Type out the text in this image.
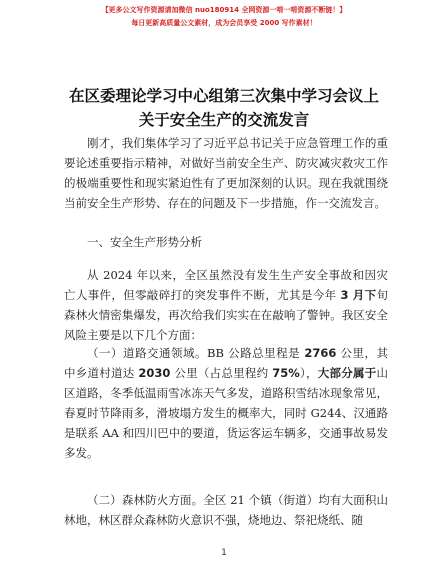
【更多公文写作资源请加微信 nuo180914 全网资源一啃一啃资源不断链！】
每日更新高质量公文素材，成为会员享受 2000 写作素材！
在区委理论学习中心组第三次集中学习会议上
关于安全生产的交流发言
刚才，我们集体学习了习近平总书记关于应急管理工作的重要论述重要指示精神，对做好当前安全生产、防灾减灾救灾工作的极端重要性和现实紧迫性有了更加深刻的认识。现在我就围绕当前安全生产形势、存在的问题及下一步措施，作一交流发言。
一、安全生产形势分析
从 2024 年以来，全区虽然没有发生生产安全事故和因灾亡人事件，但零敲碎打的突发事件不断，尤其是今年 3 月下旬森林火情密集爆发，再次给我们实实在在敲响了警钟。我区安全风险主要是以下几个方面：
（一）道路交通领域。BB 公路总里程是 2766 公里，其中乡道村道达 2030 公里（占总里程约 75%），大部分属于山区道路，冬季低温雨雪冰冻天气多发，道路积雪结冰现象常见，春夏时节降雨多，滑坡塌方发生的概率大，同时 G244、汉通路是联系 AA 和四川巴中的要道，货运客运车辆多，交通事故易发多发。
（二）森林防火方面。全区 21 个镇（街道）均有大面积山林地，林区群众森林防火意识不强，烧地边、祭祀烧纸、随
1
